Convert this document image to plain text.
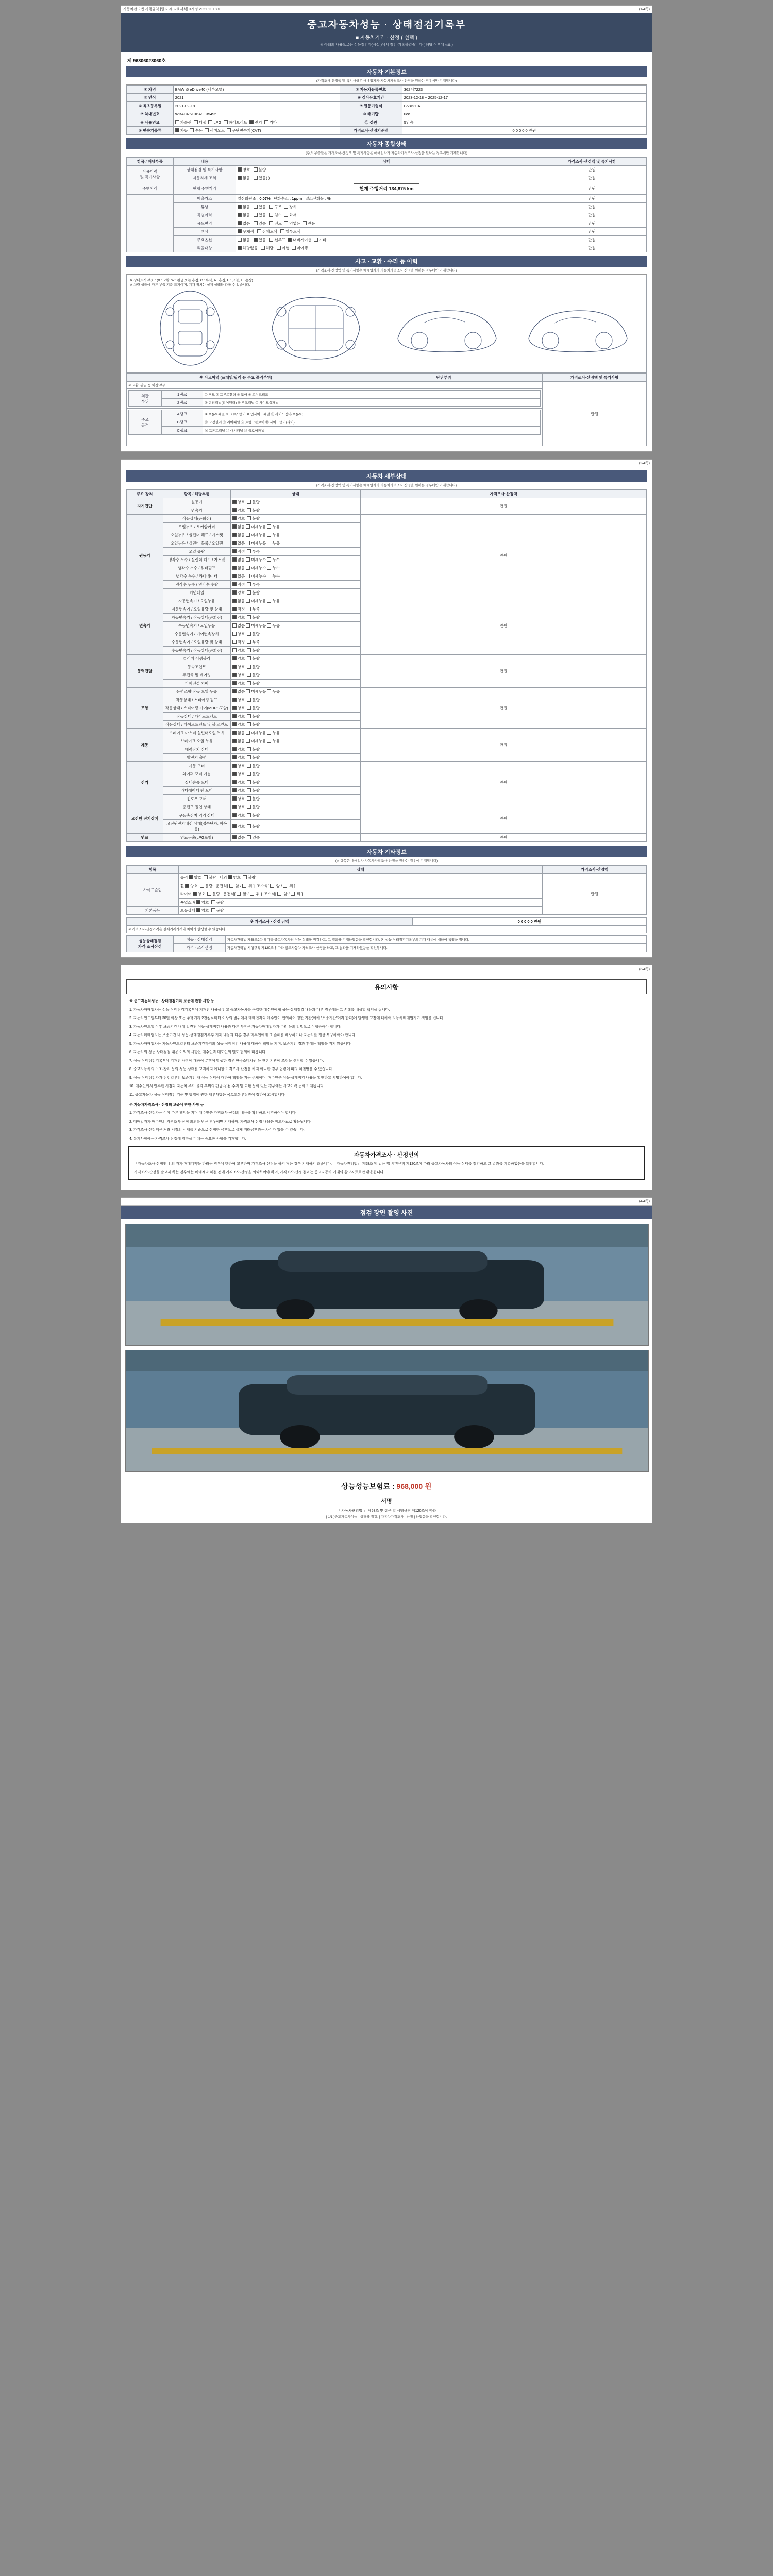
자동차관리법 시행규칙 [별지 제82호서식] <개정 2021.11.18.>	(1/4쪽)
중고자동차성능 · 상태점검기록부
■ 자동차가격 · 산정 ( 선택 )
※ 아래의 내용으로는 성능점검자(시설 )에서 점검·기록하였습니다 ( 해당 여부에 ○표 )
제 96306023060호
자동차 기본정보
(가격조사·산정액 및 특기사항은 매매업자가 자동차가격조사·산정을 원하는 경우에만 기재합니다)
① 차명	BMW i5 eDrive40 (세부모델)	② 자동차등록번호	362서7223
③ 연식	2021	④ 검사유효기간	2023-12-18 ~ 2025-12-17
⑤ 최초등록일	2021-02-18	⑦ 원동기형식	B58B30A
⑦ 차대번호	WBACR610BA9E35495	⑩ 배기량	0cc
⑧ 사용연료	가솔린 디젤 LPG 하이브리드 전기 기타	⑪ 정원	5인승
⑨ 변속기종류	자동 수동 세미오토 무단변속기(CVT)	가격조사·산정기준액	0 0 0 0 0 만원
자동차 종합상태
(주요 부품들은 가격조사·산정액 및 특기사항은 매매업자가 자동차가격조사·산정을 원하는 경우에만 기재합니다)
항목 / 해당부품	내용	상태	가격조사·산정액 및 특기사항
사용이력
및 특기사항	상태점검 및 특기사항	양호 불량	만원
	자동차세 조회	없음 있음( )	만원
주행거리	현재 주행거리	현재 주행거리 134,875 km	만원
	배출가스	일산화탄소 : 0.07% 탄화수소 : 1ppm 질소산화물 : %	만원
	튜닝	없음 있음 구조 장치	만원
	특별이력	없음 있음 침수 화재	만원
	용도변경	없음 있음 렌트 영업용 관용	만원
	색상	무채색 전체도색 일부도색	만원
	주요옵션	없음 있음 선루프 내비게이션 기타	만원
	리콜대상	해당없음 해당 이행 미이행	만원
사고 · 교환 · 수리 등 이력
(가격조사·산정액 및 특기사항은 매매업자가 자동차가격조사·산정을 원하는 경우에만 기재합니다)
※ 상태표시 부호 : (X : 교환, W : 판금 또는 용접, C : 부식, A : 흠집, U : 요철, T : 손상)
※ 차량 상태에 따른 부품 기준 표기이며, 기재 위치는 실제 상태와 다를 수 있습니다.
※ 사고이력 (프레임/필러 등 주요 골격부위)	단위부위	가격조사·산정액 및 특기사항
※ 교환, 판금 등 이상 부위	만원

외판
부위	1랭크	① 후드 ② 프론트휀더 ③ 도어 ④ 트렁크리드
2랭크	⑤ 쿼터패널(리어휀더) ⑥ 루프패널 ⑦ 사이드실패널

주요
골격	A랭크	⑧ 프론트패널 ⑨ 크로스멤버 ⑩ 인사이드패널 ⑪ 사이드멤버(프론트)
B랭크	⑫ 고정필러 ⑬ 리어패널 ⑭ 트렁크플로어 ⑮ 사이드멤버(리어)
C랭크	⑯ 프론트패널 ⑰ 대시패널 ⑱ 플로어패널

(2/4쪽)
자동차 세부상태
(가격조사·산정액 및 특기사항은 매매업자가 자동차가격조사·산정을 원하는 경우에만 기재합니다)
주요 장치	항목 / 해당부품	상태	가격조사·산정액
자기진단	원동기	양호 불량	만원
	변속기	양호 불량	
원동기	작동상태(공회전)	양호 불량	만원
	오일누유 / 로커암커버	없음 미세누유 누유	
	오일누유 / 실린더 헤드 / 가스켓	없음 미세누유 누유	
	오일누유 / 실린더 블록 / 오일팬	없음 미세누유 누유	
	오일 유량	적정 부족	
	냉각수 누수 / 실린더 헤드 / 가스켓	없음 미세누수 누수	
	냉각수 누수 / 워터펌프	없음 미세누수 누수	
	냉각수 누수 / 라디에이터	없음 미세누수 누수	
	냉각수 누수 / 냉각수 수량	적정 부족	
	커먼레일	양호 불량	
변속기	자동변속기 / 오일누유	없음 미세누유 누유	만원
	자동변속기 / 오일유량 및 상태	적정 부족	
	자동변속기 / 작동상태(공회전)	양호 불량	
	수동변속기 / 오일누유	없음 미세누유 누유	
	수동변속기 / 기어변속장치	양호 불량	
	수동변속기 / 오일유량 및 상태	적정 부족	
	수동변속기 / 작동상태(공회전)	양호 불량	
동력전달	클러치 어셈블리	양호 불량	만원
	등속조인트	양호 불량	
	추진축 및 베어링	양호 불량	
	디퍼렌셜 기어	양호 불량	
조향	동력조향 작동 오일 누유	없음 미세누유 누유	만원
	작동상태 / 스티어링 펌프	양호 불량	
	작동상태 / 스티어링 기어(MDPS포함)	양호 불량	
	작동상태 / 타이로드엔드	양호 불량	
	작동상태 / 타이로드엔드 및 볼 조인트	양호 불량	
제동	브레이크 마스터 실린더오일 누유	없음 미세누유 누유	만원
	브레이크 오일 누유	없음 미세누유 누유	
	배력장치 상태	양호 불량	
	발전기 출력	양호 불량	
전기	시동 모터	양호 불량	만원
	와이퍼 모터 기능	양호 불량	
	실내송풍 모터	양호 불량	
	라디에이터 팬 모터	양호 불량	
	윈도우 모터	양호 불량	
고전원 전기장치	충전구 절연 상태	양호 불량	만원
	구동축전지 격리 상태	양호 불량	
	고전원전기배선 상태(접속단자, 피복 등)	양호 불량	
연료	연료누출(LPG포함)	없음 있음	만원
자동차 기타정보
(※ 항목은 매매업자 자동차가격조사·산정을 원하는 경우에 기재합니다)
항목	상태	가격조사·산정액
사이드슬립	유격 양호 불량 내외 양호 불량	만원
	휠 양호 불량   운전석[  앞 /  뒤 ]  조수석[  앞 /  뒤 ]	
	타이어 양호 불량   운전석[  앞 /  뒤 ]  조수석[  앞 /  뒤 ]	
	쇽업쇼바 양호 불량	
기본품목	보유상태 양호 불량	
※ 가격조사 · 산정 금액	0 0 0 0 0 만원
※ 가격조사·산정가격은 실제거래가격과 차이가 발생할 수 있습니다.
성능상태점검
가격·조사산정	성능 · 상태점검	자동차관리법 제58조2항에 따라 중고자동차의 성능·상태를 점검하고, 그 결과를 기재하였음을 확인합니다. 본 성능·상태점검기록부의 기재 내용에 대하여 책임을 집니다.
	가격 · 조사산정	자동차관리법 시행규칙 제120조에 따라 중고자동차 가격조사·산정을 하고, 그 결과를 기재하였음을 확인합니다.
(3/4쪽)
유의사항

※ 중고자동차성능 · 상태점검기록 보증에 관한 사항 등

1. 자동차매매업자는 성능·상태점검기록부에 기재된 내용을 믿고 중고자동차를 구입한 매수인에게 성능·상태점검 내용과 다른 경우에는 그 손해를 배상할 책임을 집니다.

2. 자동차인도일부터 30일 이상 또는 주행거리 2천킬로미터 이상의 범위에서 매매업자와 매수인이 협의하여 정한 기간(이하 "보증기간"이라 한다)에 발생한 고장에 대하여 자동차매매업자가 책임을 집니다.

3. 자동차인도일 이후 보증기간 내에 발견된 성능·상태점검 내용과 다른 사항은 자동차매매업자가 수리 등의 방법으로 이행하여야 합니다.

4. 자동차매매업자는 보증기간 내 성능·상태점검기록부 기재 내용과 다른 경우 매수인에게 그 손해를 배상하거나 자동차를 원상 복구하여야 합니다.

5. 자동차매매업자는 자동차인도일부터 보증기간까지의 성능·상태점검 내용에 대하여 책임을 지며, 보증기간 경과 후에는 책임을 지지 않습니다.

6. 자동차의 성능·상태점검 내용 이외의 사항은 매수인과 매도인의 별도 협의에 따릅니다.

7. 성능·상태점검기록부에 기재된 사항에 대하여 분쟁이 발생한 경우 한국소비자원 등 관련 기관에 조정을 신청할 수 있습니다.

8. 중고자동차의 구조·장치 등의 성능·상태를 고지하지 아니한 가격조사·산정을 하지 아니한 경우 법령에 따라 처벌받을 수 있습니다.

9. 성능·상태점검자가 점검일부터 보증기간 내 성능·상태에 대하여 책임을 지는 주체이며, 매수인은 성능·상태점검 내용을 확인하고 서명하여야 합니다.

10. 매수인께서 인수한 시점과 자동차 주요 골격 부위의 판금·용접·수리 및 교환 등이 있는 경우에는 사고이력 등이 기재됩니다.

11. 중고자동차 성능·상태점검 기준 및 방법에 관한 세부사항은 국토교통부장관이 정하여 고시합니다.

※ 자동차가격조사 · 산정의 보증에 관한 사항 등

1. 가격조사·산정자는 이에 따른 책임을 지며 매수인은 가격조사·산정의 내용을 확인하고 서명하여야 합니다.

2. 매매업자가 매수인의 가격조사·산정 의뢰를 받은 경우에만 기재하며, 가격조사·산정 내용은 참고자료로 활용됩니다.

3. 가격조사·산정액은 거래 시점의 시세를 기준으로 산정한 금액으로 실제 거래금액과는 차이가 있을 수 있습니다.

4. 특기사항에는 가격조사·산정에 영향을 미치는 중요한 사항을 기재합니다.

자동차가격조사 · 산정인의
「자동차조사·산정인 上의 자가 매매계약을 하려는 경우에 한하여 교부하며 가격조사·산정을 하지 않은 경우 기재하지 않습니다. 「자동차관리법」 제58조 및 같은 법 시행규칙 제120조에 따라 중고자동차의 성능·상태를 점검하고 그 결과를 기록하였음을 확인합니다.
가격조사·산정을 받고자 하는 경우에는 매매계약 체결 전에 가격조사·산정을 의뢰하여야 하며, 가격조사·산정 결과는 중고자동차 거래의 참고자료로만 활용됩니다.
(4/4쪽)
점검 장면 촬영 사진
상능성능보험료 : 968,000 원
서명
「 자동차관리법 」 제58조 및 같은 법 시행규칙 제120조에 따라
[ 1/1 ]중고자동차성능 · 상태를 점검, [ 자동차가격조사 · 산정 ] 하였음을 확인합니다.
